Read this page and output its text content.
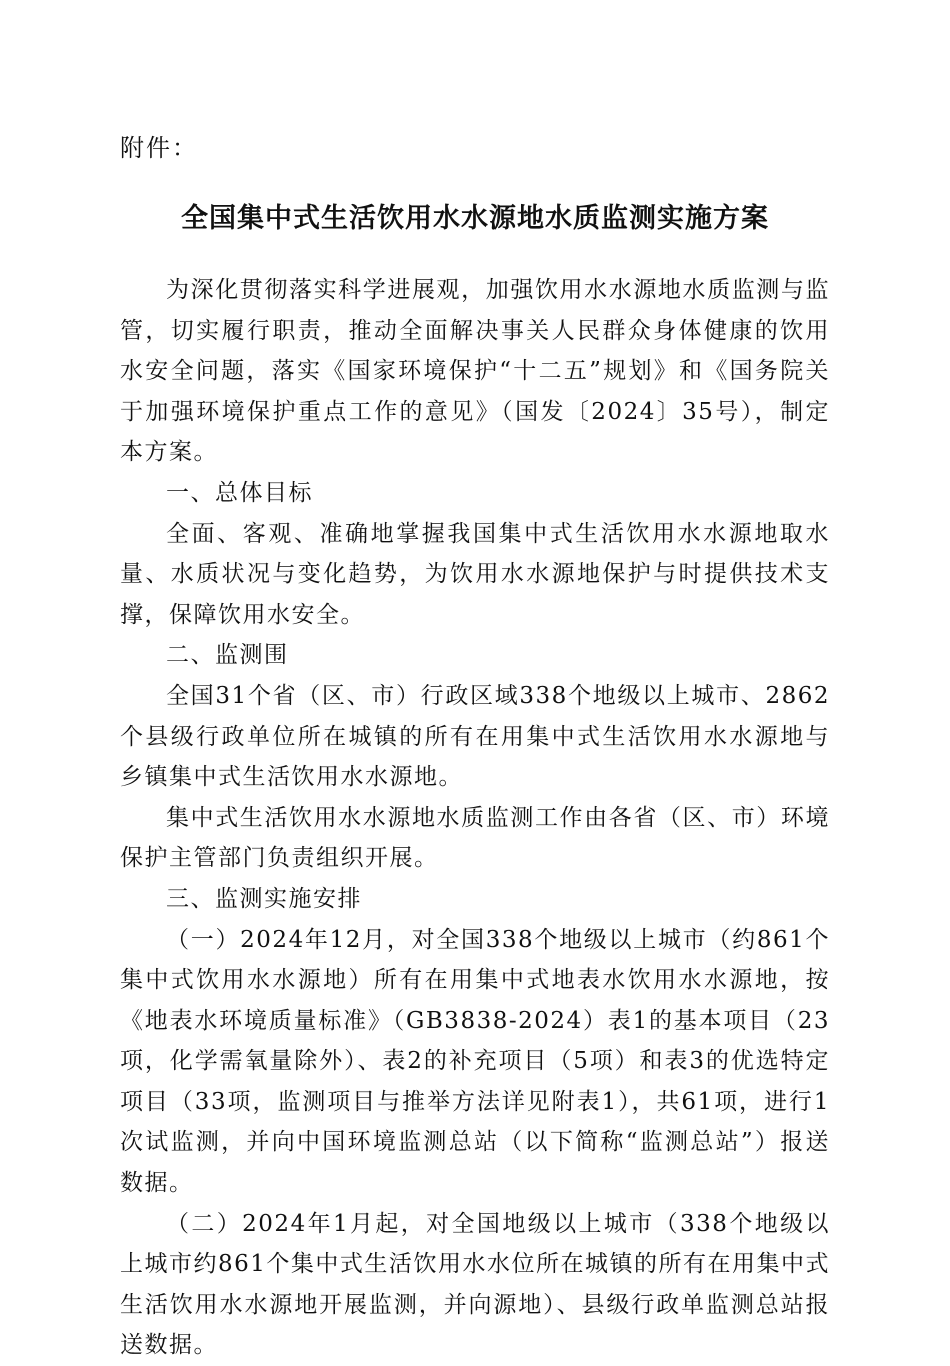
附件：
全国集中式生活饮用水水源地水质监测实施方案

为深化贯彻落实科学进展观，加强饮用水水源地水质监测与监管，切实履行职责，推动全面解决事关人民群众身体健康的饮用水安全问题，落实《国家环境保护“十二五”规划》和《国务院关于加强环境保护重点工作的意见》（国发〔2024〕35号），制定本方案。

一、总体目标

全面、客观、准确地掌握我国集中式生活饮用水水源地取水量、水质状况与变化趋势，为饮用水水源地保护与时提供技术支撑，保障饮用水安全。

二、监测围

全国31个省（区、市）行政区域338个地级以上城市、2862个县级行政单位所在城镇的所有在用集中式生活饮用水水源地与乡镇集中式生活饮用水水源地。

集中式生活饮用水水源地水质监测工作由各省（区、市）环境保护主管部门负责组织开展。

三、监测实施安排

（一）2024年12月，对全国338个地级以上城市（约861个集中式饮用水水源地）所有在用集中式地表水饮用水水源地，按《地表水环境质量标准》（GB3838-2024）表1的基本项目（23项，化学需氧量除外）、表2的补充项目（5项）和表3的优选特定项目（33项，监测项目与推举方法详见附表1），共61项，进行1次试监测，并向中国环境监测总站（以下简称“监测总站”）报送数据。

（二）2024年1月起，对全国地级以上城市（338个地级以上城市约861个集中式生活饮用水水位所在城镇的所有在用集中式生活饮用水水源地开展监测，并向源地）、县级行政单监测总站报送数据。
